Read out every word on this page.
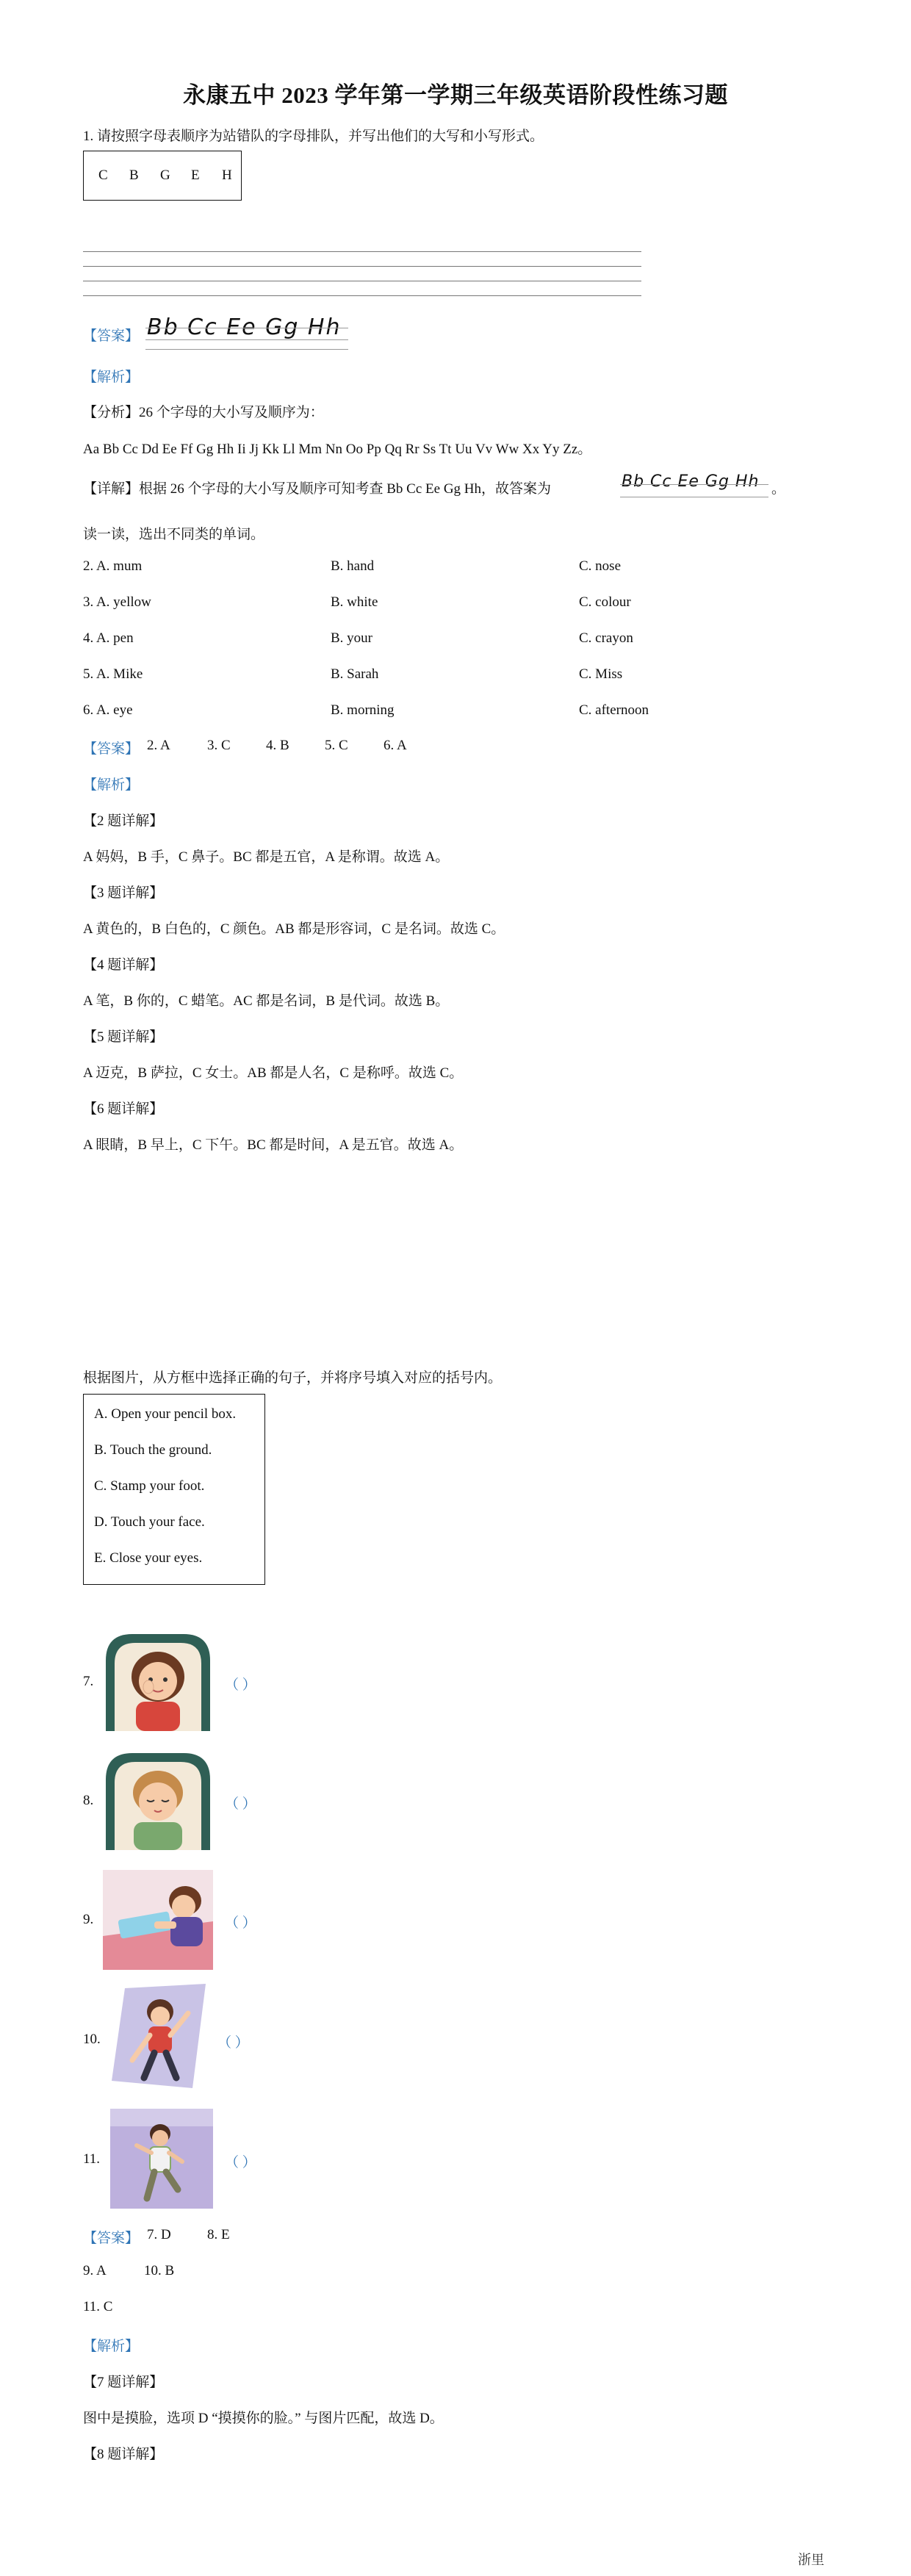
永康五中 2023 学年第一学期三年级英语阶段性练习题
1. 请按照字母表顺序为站错队的字母排队，并写出他们的大写和小写形式。
C B G E H
【答案】 Bb Cc Ee Gg Hh
【解析】
【分析】26 个字母的大小写及顺序为：
Aa Bb Cc Dd Ee Ff Gg Hh Ii Jj Kk Ll Mm Nn Oo Pp Qq Rr Ss Tt Uu Vv Ww Xx Yy Zz。
【详解】根据 26 个字母的大小写及顺序可知考查 Bb Cc Ee Gg Hh，故答案为	Bb Cc Ee Gg Hh 。
读一读，选出不同类的单词。
2. A. mum	B. hand	C. nose
3. A. yellow	B. white	C. colour
4. A. pen	B. your	C. crayon
5. A. Mike	B. Sarah	C. Miss
6. A. eye	B. morning	C. afternoon
【答案】 2. A	3. C	4. B	5. C	6. A
【解析】
【2 题详解】
A 妈妈，B 手，C 鼻子。BC 都是五官，A 是称谓。故选 A。
【3 题详解】
A 黄色的，B 白色的，C 颜色。AB 都是形容词，C 是名词。故选 C。
【4 题详解】
A 笔，B 你的，C 蜡笔。AC 都是名词，B 是代词。故选 B。
【5 题详解】
A 迈克，B 萨拉，C 女士。AB 都是人名，C 是称呼。故选 C。
【6 题详解】
A 眼睛，B 早上，C 下午。BC 都是时间，A 是五官。故选 A。
根据图片，从方框中选择正确的句子，并将序号填入对应的括号内。
A. Open your pencil box.
B. Touch the ground.
C. Stamp your foot.
D. Touch your face.
E. Close your eyes.
7.	（ ）
8.	（ ）
9.	（ ）
10.	（ ）
11.	（ ）
【答案】 7. D	8. E
9. A	10. B
11. C
【解析】
【7 题详解】
图中是摸脸，选项 D “摸摸你的脸。” 与图片匹配，故选 D。
【8 题详解】
浙里
